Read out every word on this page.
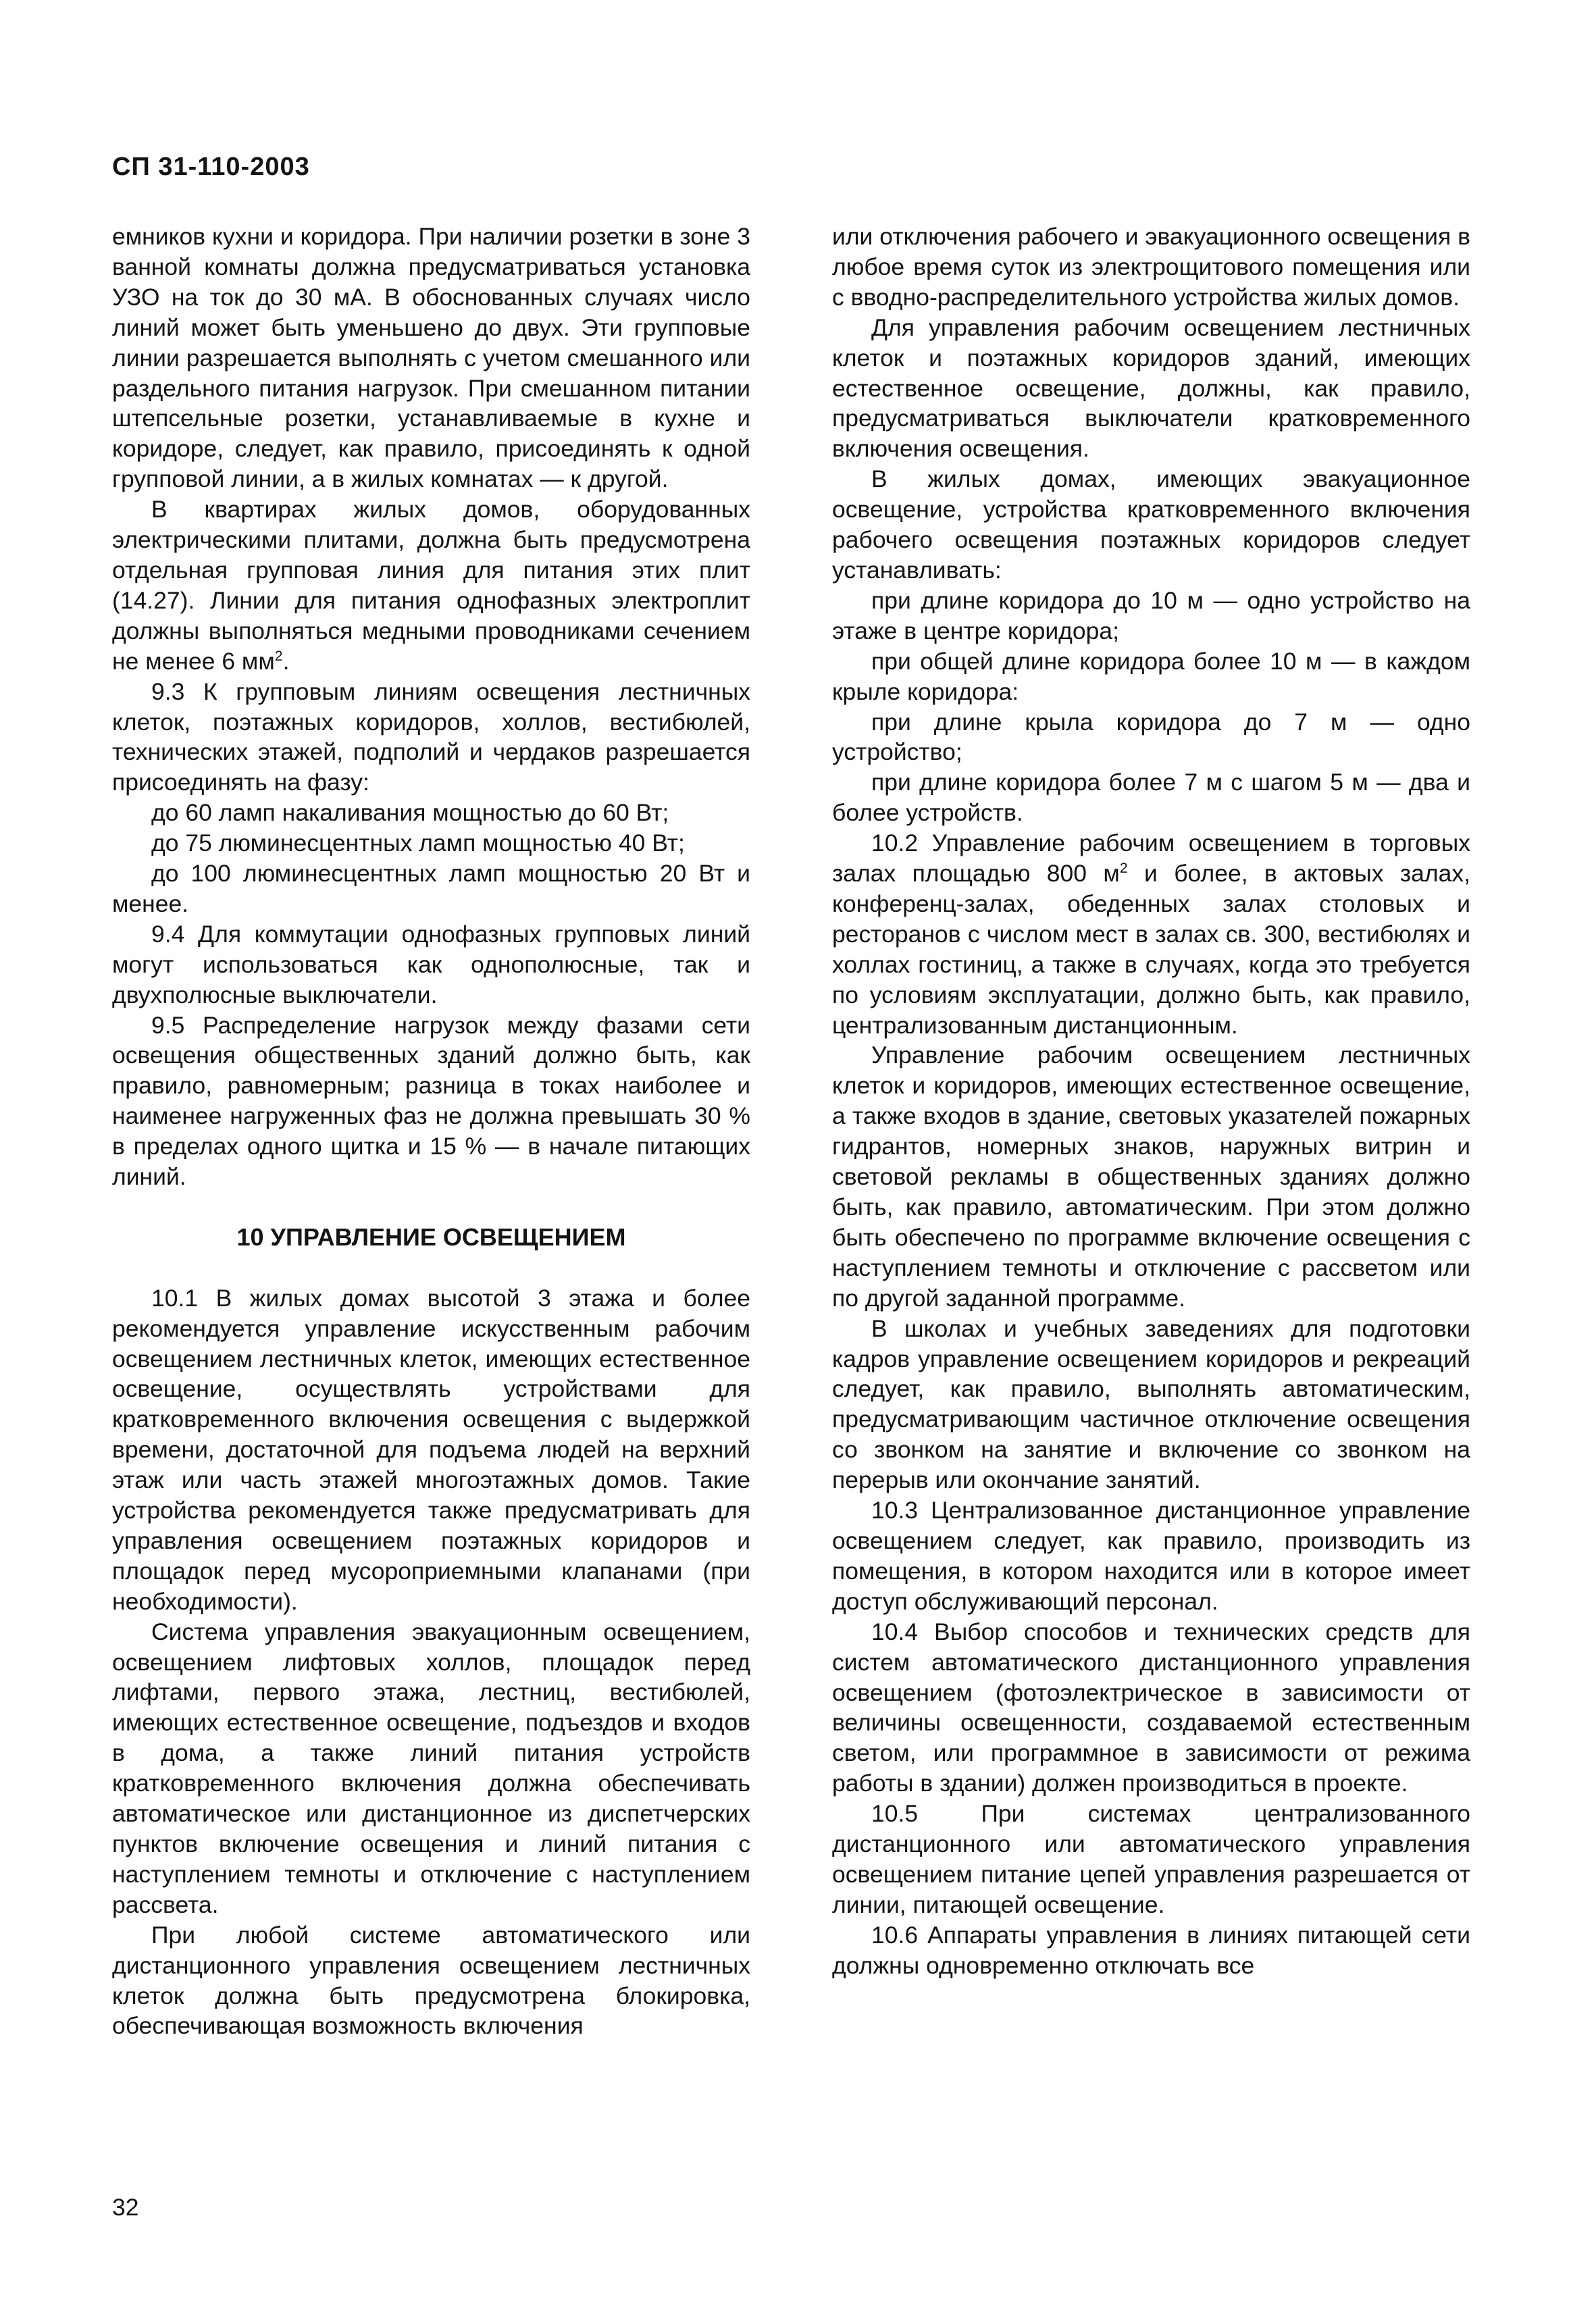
СП 31-110-2003

емников кухни и коридора. При наличии розетки в зоне 3 ванной комнаты должна предусматриваться установка УЗО на ток до 30 мА. В обоснованных случаях число линий может быть уменьшено до двух. Эти групповые линии разрешается выполнять с учетом смешанного или раздельного питания нагрузок. При смешанном питании штепсельные розетки, устанавливаемые в кухне и коридоре, следует, как правило, присоединять к одной групповой линии, а в жилых комнатах — к другой.

В квартирах жилых домов, оборудованных электрическими плитами, должна быть предусмотрена отдельная групповая линия для питания этих плит (14.27). Линии для питания однофазных электроплит должны выполняться медными проводниками сечением не менее 6 $мм^2$.

9.3 К групповым линиям освещения лестничных клеток, поэтажных коридоров, холлов, вестибюлей, технических этажей, подполий и чердаков разрешается присоединять на фазу:

до 60 ламп накаливания мощностью до 60 Вт;

до 75 люминесцентных ламп мощностью 40 Вт;

до 100 люминесцентных ламп мощностью 20 Вт и менее.

9.4 Для коммутации однофазных групповых линий могут использоваться как однополюсные, так и двухполюсные выключатели.

9.5 Распределение нагрузок между фазами сети освещения общественных зданий должно быть, как правило, равномерным; разница в токах наиболее и наименее нагруженных фаз не должна превышать 30 % в пределах одного щитка и 15 % — в начале питающих линий.

10 УПРАВЛЕНИЕ ОСВЕЩЕНИЕМ

10.1 В жилых домах высотой 3 этажа и более рекомендуется управление искусственным рабочим освещением лестничных клеток, имеющих естественное освещение, осуществлять устройствами для кратковременного включения освещения с выдержкой времени, достаточной для подъема людей на верхний этаж или часть этажей многоэтажных домов. Такие устройства рекомендуется также предусматривать для управления освещением поэтажных коридоров и площадок перед мусороприемными клапанами (при необходимости).

Система управления эвакуационным освещением, освещением лифтовых холлов, площадок перед лифтами, первого этажа, лестниц, вестибюлей, имеющих естественное освещение, подъездов и входов в дома, а также линий питания устройств кратковременного включения должна обеспечивать автоматическое или дистанционное из диспетчерских пунктов включение освещения и линий питания с наступлением темноты и отключение с наступлением рассвета.

При любой системе автоматического или дистанционного управления освещением лестничных клеток должна быть предусмотрена блокировка, обеспечивающая возможность включения

или отключения рабочего и эвакуационного освещения в любое время суток из электрощитового помещения или с вводно-распределительного устройства жилых домов.

Для управления рабочим освещением лестничных клеток и поэтажных коридоров зданий, имеющих естественное освещение, должны, как правило, предусматриваться выключатели кратковременного включения освещения.

В жилых домах, имеющих эвакуационное освещение, устройства кратковременного включения рабочего освещения поэтажных коридоров следует устанавливать:

при длине коридора до 10 м — одно устройство на этаже в центре коридора;

при общей длине коридора более 10 м — в каждом крыле коридора:

при длине крыла коридора до 7 м — одно устройство;

при длине коридора более 7 м с шагом 5 м — два и более устройств.

10.2 Управление рабочим освещением в торговых залах площадью 800 $м^2$ и более, в актовых залах, конференц-залах, обеденных залах столовых и ресторанов с числом мест в залах св. 300, вестибюлях и холлах гостиниц, а также в случаях, когда это требуется по условиям эксплуатации, должно быть, как правило, централизованным дистанционным.

Управление рабочим освещением лестничных клеток и коридоров, имеющих естественное освещение, а также входов в здание, световых указателей пожарных гидрантов, номерных знаков, наружных витрин и световой рекламы в общественных зданиях должно быть, как правило, автоматическим. При этом должно быть обеспечено по программе включение освещения с наступлением темноты и отключение с рассветом или по другой заданной программе.

В школах и учебных заведениях для подготовки кадров управление освещением коридоров и рекреаций следует, как правило, выполнять автоматическим, предусматривающим частичное отключение освещения со звонком на занятие и включение со звонком на перерыв или окончание занятий.

10.3 Централизованное дистанционное управление освещением следует, как правило, производить из помещения, в котором находится или в которое имеет доступ обслуживающий персонал.

10.4 Выбор способов и технических средств для систем автоматического дистанционного управления освещением (фотоэлектрическое в зависимости от величины освещенности, создаваемой естественным светом, или программное в зависимости от режима работы в здании) должен производиться в проекте.

10.5 При системах централизованного дистанционного или автоматического управления освещением питание цепей управления разрешается от линии, питающей освещение.

10.6 Аппараты управления в линиях питающей сети должны одновременно отключать все

32
